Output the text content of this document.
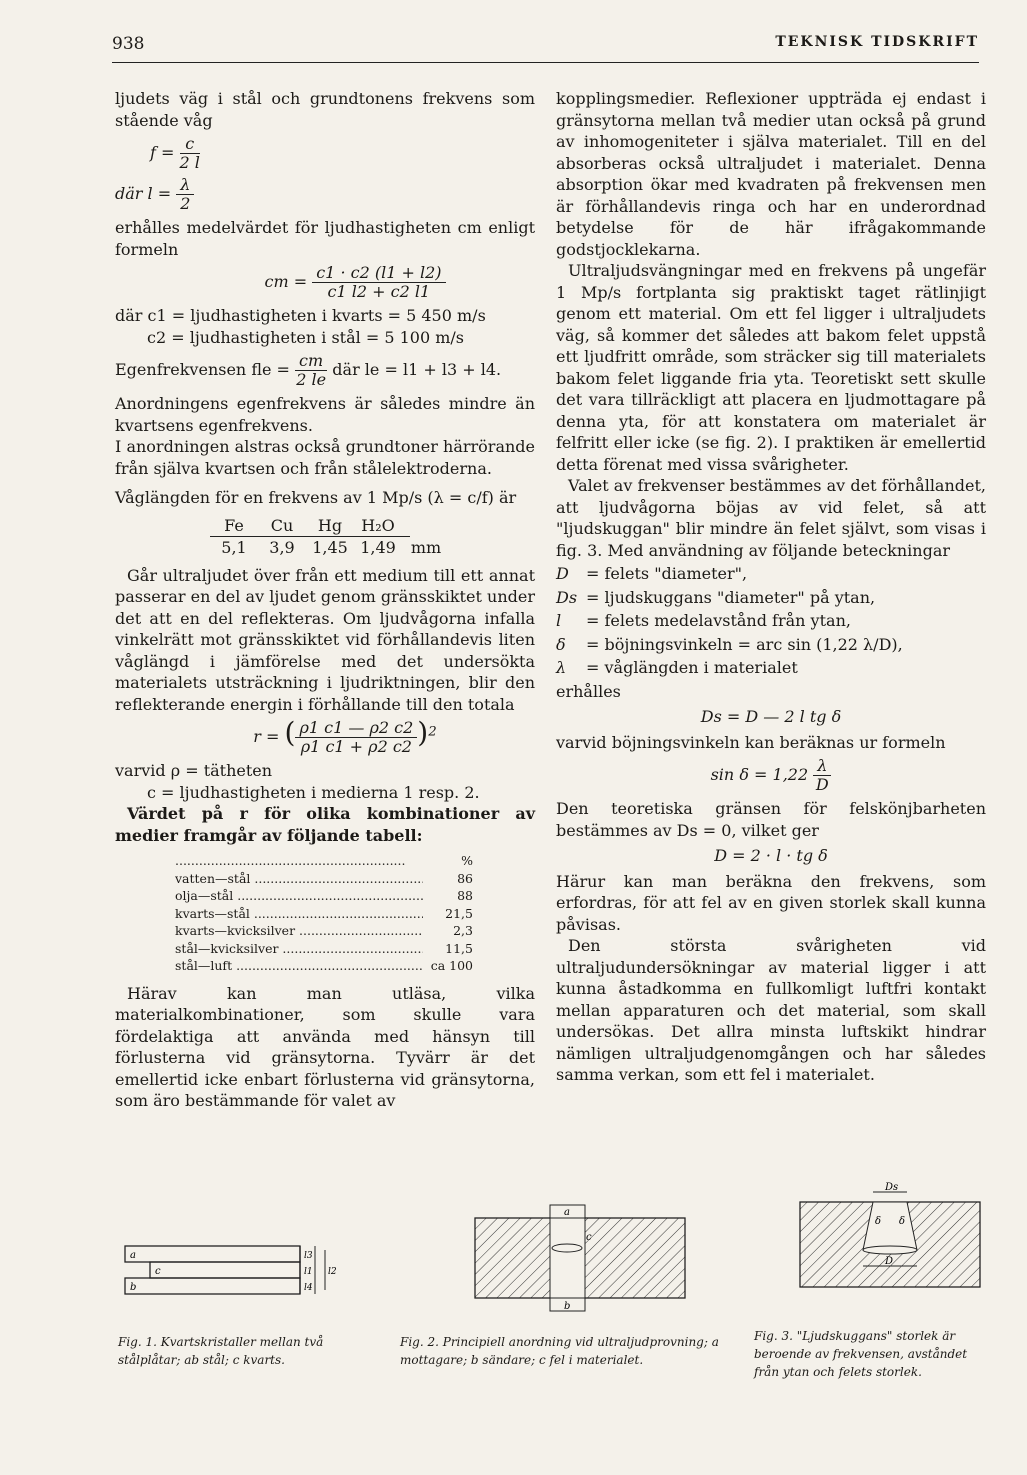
938	TEKNISK TIDSKRIFT

ljudets väg i stål och grundtonens frekvens som stående våg

$f = \frac{c}{2 l}$
där $l = \frac{\lambda}{2}$

erhålles medelvärdet för ljudhastigheten cm enligt formeln

cm = $\frac{c1 \cdot c2 (l1 + l2)}{c1 l2 + c2 l1}$

där c1 = ljudhastigheten i kvarts = 5 450 m/s

c2 = ljudhastigheten i stål = 5 100 m/s

Egenfrekvensen fle = $\frac{cm}{2 le}$ där le = l1 + l3 + l4.

Anordningens egenfrekvens är således mindre än kvartsens egenfrekvens.

I anordningen alstras också grundtoner härrörande från själva kvartsen och från stålelektroderna.

Våglängden för en frekvens av 1 Mp/s (λ = c/f) är
Fe	Cu	Hg	H₂O
5,1	3,9	1,45 1,49 mm

Går ultraljudet över från ett medium till ett annat passerar en del av ljudet genom gränsskiktet under det att en del reflekteras. Om ljudvågorna infalla vinkelrätt mot gränsskiktet vid förhållandevis liten våglängd i jämförelse med det undersökta materialets utsträckning i ljudriktningen, blir den reflekterande energin i förhållande till den totala

r = ( $\frac{\rho 1 c1 — \rho 2 c2}{\rho 1 c1 + \rho 2 c2} )^2$

varvid ρ = tätheten

c = ljudhastigheten i medierna 1 resp. 2.

Värdet på r för olika kombinationer av medier framgår av följande tabell:

.....
%
vatten—stål .....	86
olja—stål .....	88
kvarts—stål .....	21,5
kvarts—kvicksilver .....	2,3
stål—kvicksilver .....	11,5
stål—luft .....	ca 100

Härav kan man utläsa, vilka materialkombinationer, som skulle vara fördelaktiga att använda med hänsyn till förlusterna vid gränsytorna. Tyvärr är det emellertid icke enbart förlusterna vid gränsytorna, som äro bestämmande för valet av

kopplingsmedier. Reflexioner uppträda ej endast i gränsytorna mellan två medier utan också på grund av inhomogeniteter i själva materialet. Till en del absorberas också ultraljudet i materialet. Denna absorption ökar med kvadraten på frekvensen men är förhållandevis ringa och har en underordnad betydelse för de här ifrågakommande godstjocklekarna.

Ultraljudsvängningar med en frekvens på ungefär 1 Mp/s fortplanta sig praktiskt taget rätlinjigt genom ett material. Om ett fel ligger i ultraljudets väg, så kommer det således att bakom felet uppstå ett ljudfritt område, som sträcker sig till materialets bakom felet liggande fria yta. Teoretiskt sett skulle det vara tillräckligt att placera en ljudmottagare på denna yta, för att konstatera om materialet är felfritt eller icke (se fig. 2). I praktiken är emellertid detta förenat med vissa svårigheter.

Valet av frekvenser bestämmes av det förhållandet, att ljudvågorna böjas av vid felet, så att "ljudskuggan" blir mindre än felet självt, som visas i fig. 3. Med användning av följande beteckningar

D = felets "diameter",
Ds = ljudskuggans "diameter" på ytan,
l = felets medelavstånd från ytan,
δ = böjningsvinkeln = arc sin (1,22 λ/D),
λ = våglängden i materialet

erhålles

Ds = D — 2 l tg δ

varvid böjningsvinkeln kan beräknas ur formeln

$\sin \delta = 1,22 \frac{\lambda}{D}$

Den teoretiska gränsen för felskönjbarheten bestämmes av Ds = 0, vilket ger

D = 2 · l · tg δ

Härur kan man beräkna den frekvens, som erfordras, för att fel av en given storlek skall kunna påvisas.

Den största svårigheten vid ultraljudundersökningar av material ligger i att kunna åstadkomma en fullkomligt luftfri kontakt mellan apparaturen och det material, som skall undersökas. Det allra minsta luftskikt hindrar nämligen ultraljudgenomgången och har således samma verkan, som ett fel i materialet.

a
c
b
l3
l1
l4
l2
Fig. 1. Kvartskristaller mellan två stålplåtar; ab stål; c kvarts.
a
c
b
Fig. 2. Principiell anordning vid ultraljudprovning; a mottagare; b sändare; c fel i materialet.
Ds
δ δ
D
Fig. 3. "Ljudskuggans" storlek är beroende av frekvensen, avståndet från ytan och felets storlek.
